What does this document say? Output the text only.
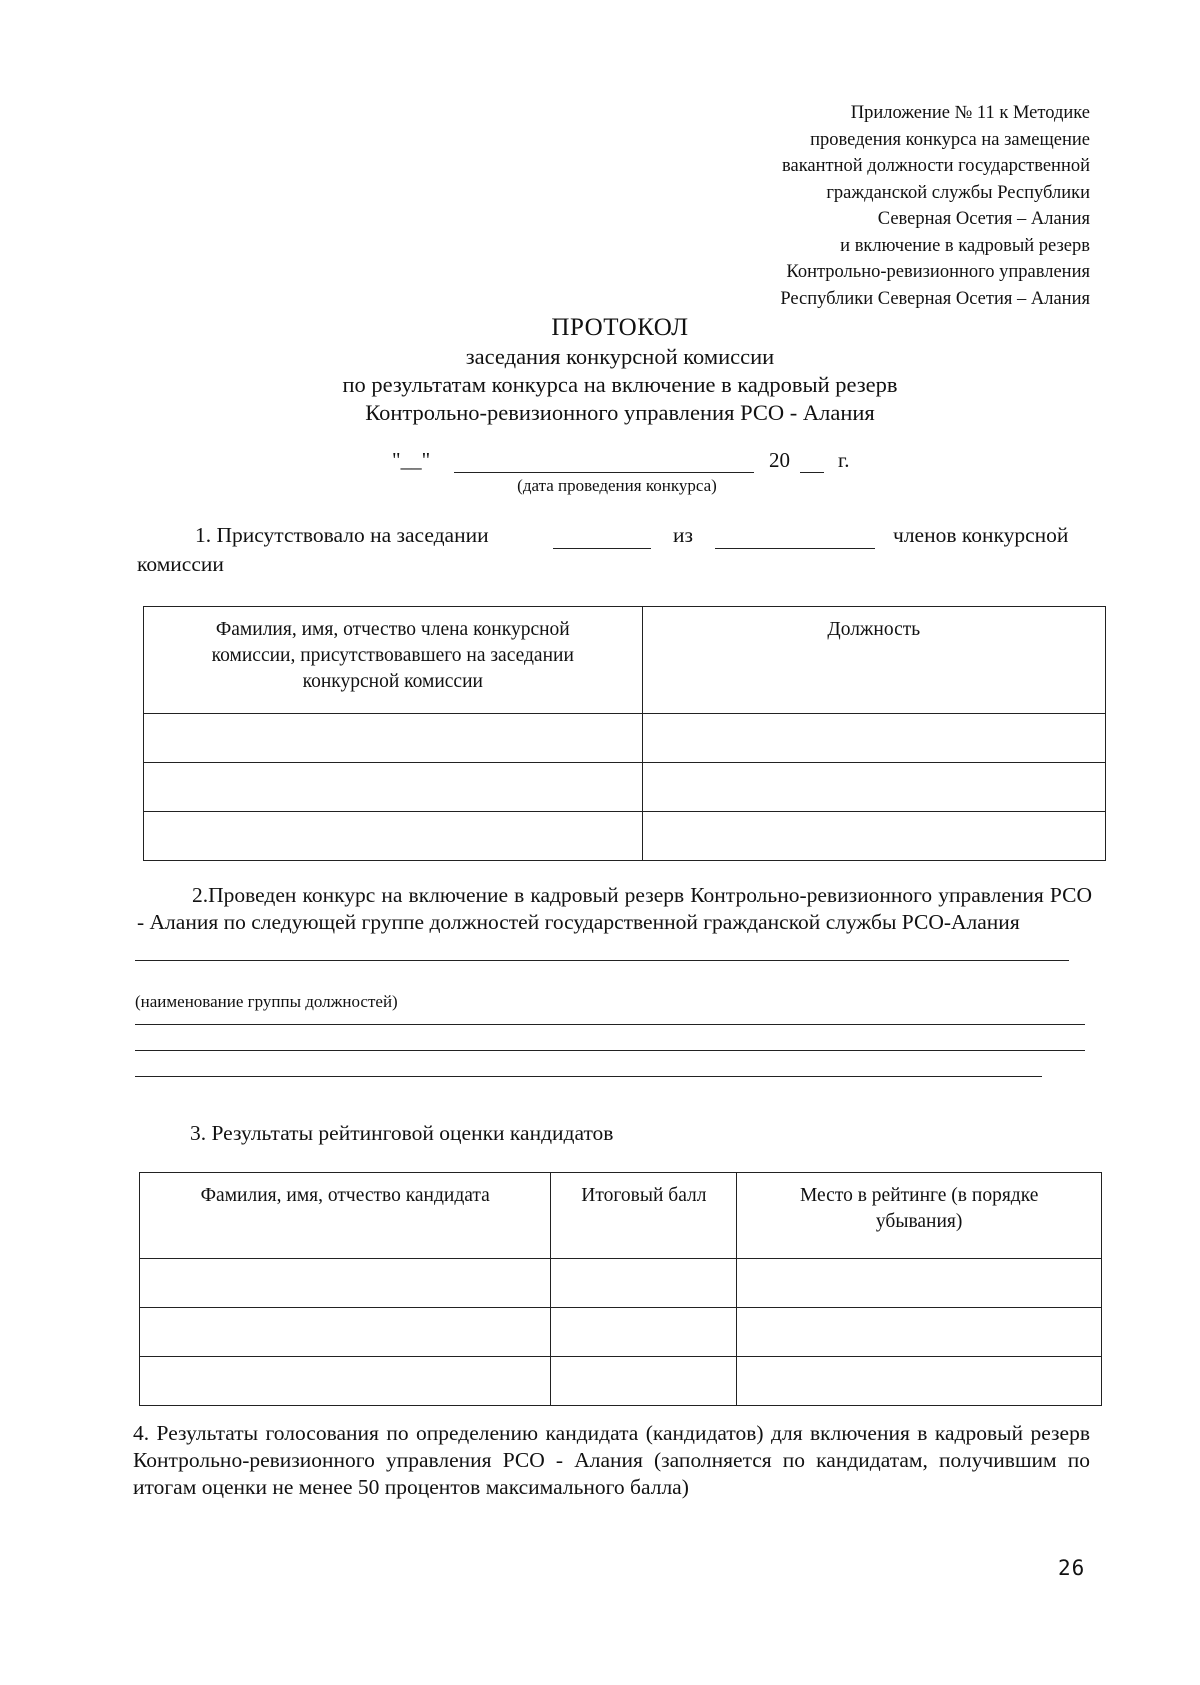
Приложение № 11 к Методике
проведения конкурса на замещение
вакантной должности государственной
гражданской службы Республики
Северная Осетия – Алания
и включение в кадровый резерв
Контрольно-ревизионного управления
Республики Северная Осетия – Алания
ПРОТОКОЛ
заседания конкурсной комиссии
по результатам конкурса на включение в кадровый резерв
Контрольно-ревизионного управления РСО - Алания
"__"	20 г.
(дата проведения конкурса)
1. Присутствовало на заседании	из	членов конкурсной
комиссии
Фамилия, имя, отчество члена конкурсной комиссии, присутствовавшего на заседании конкурсной комиссии	Должность

2.Проведен конкурс на включение в кадровый резерв Контрольно-ревизионного управления РСО - Алания по следующей группе должностей государственной гражданской службы РСО-Алания
(наименование группы должностей)
3. Результаты рейтинговой оценки кандидатов
Фамилия, имя, отчество кандидата	Итоговый балл	Место в рейтинге (в порядке убывания)

4. Результаты голосования по определению кандидата (кандидатов) для включения в кадровый резерв Контрольно-ревизионного управления РСО - Алания (заполняется по кандидатам, получившим по итогам оценки не менее 50 процентов максимального балла)
26
